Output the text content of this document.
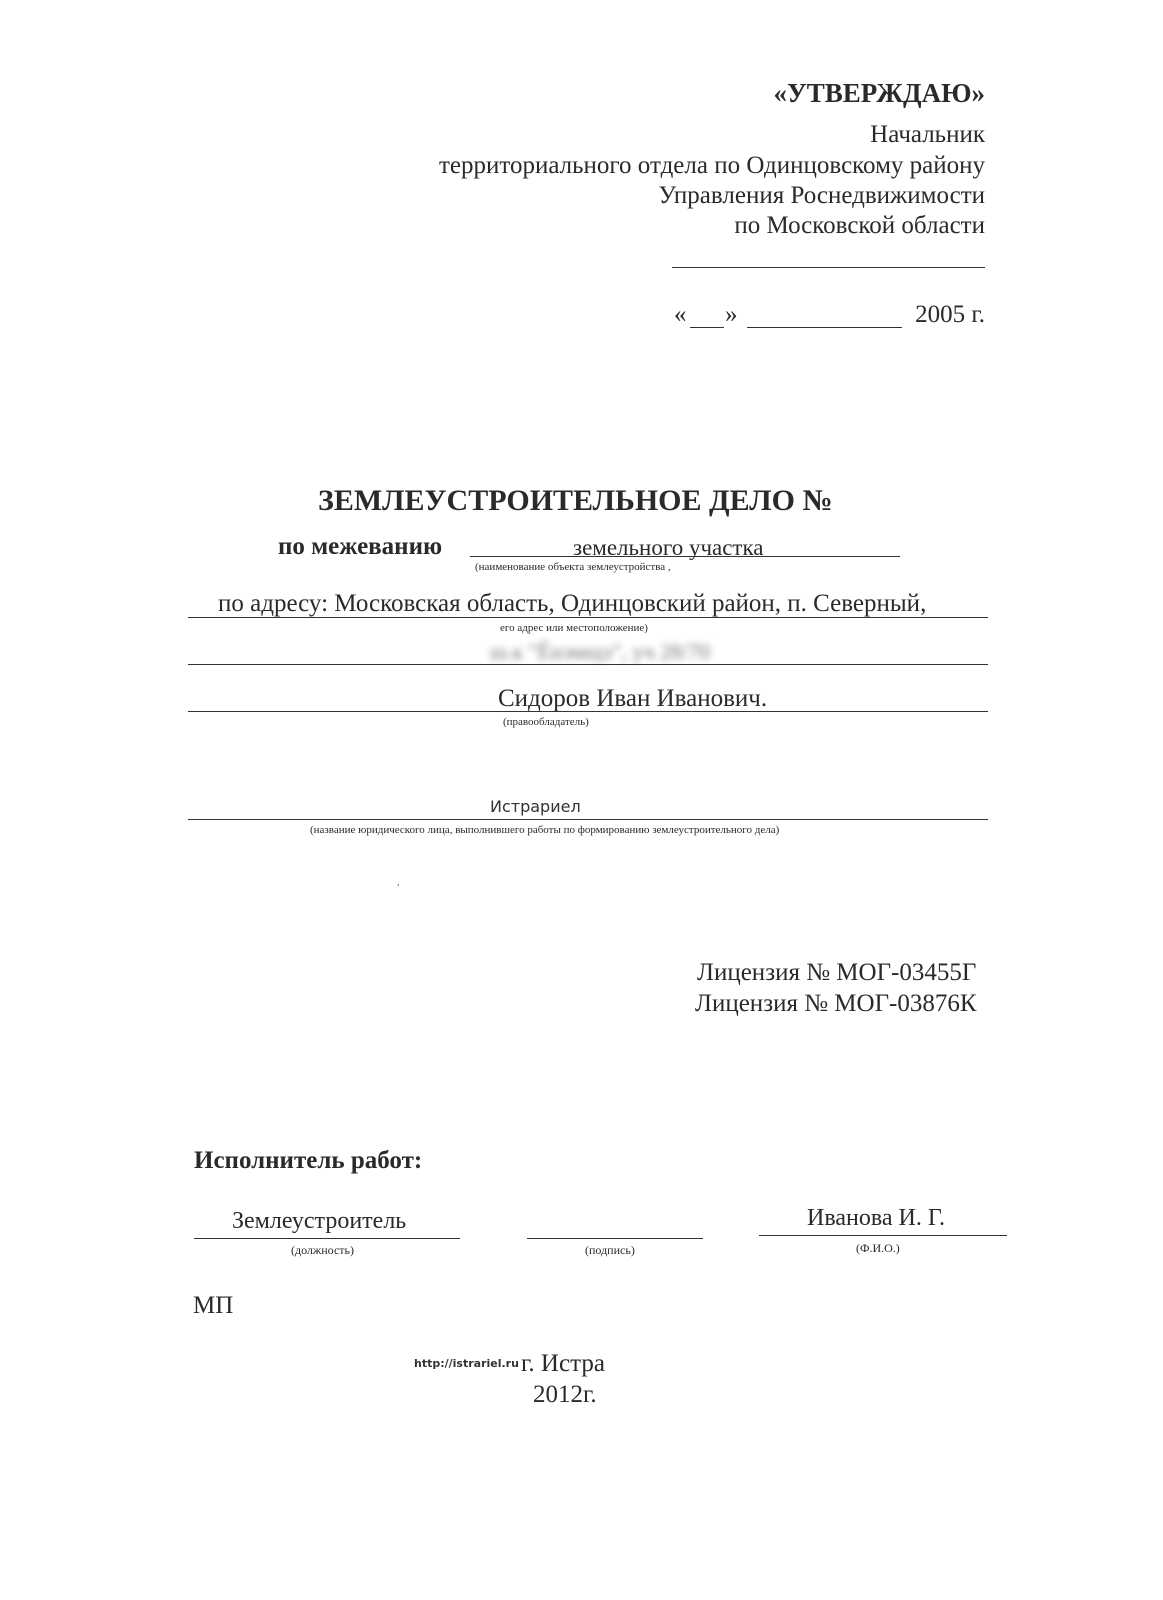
«УТВЕРЖДАЮ»
Начальник
территориального отдела по Одинцовскому району
Управления Роснедвижимости
по Московской области
« »	2005 г.
ЗЕМЛЕУСТРОИТЕЛЬНОЕ ДЕЛО №
по межеванию	земельного участка
(наименование объекта землеустройства ,
по адресу: Московская область, Одинцовский район, п. Северный,
его адрес или местоположение)
ш.к "Ёнэмщэ", уч 28/70
Сидоров Иван Иванович.
(правообладатель)
Истрариел
(название юридического лица, выполнившего работы по формированию землеустроительного дела)
,
Лицензия № МОГ-03455Г
Лицензия № МОГ-03876К
Исполнитель работ:
Землеустроитель
(должность)	(подпись)
Иванова И. Г.
(Ф.И.О.)
МП
http://istrariel.ru г. Истра
2012г.
